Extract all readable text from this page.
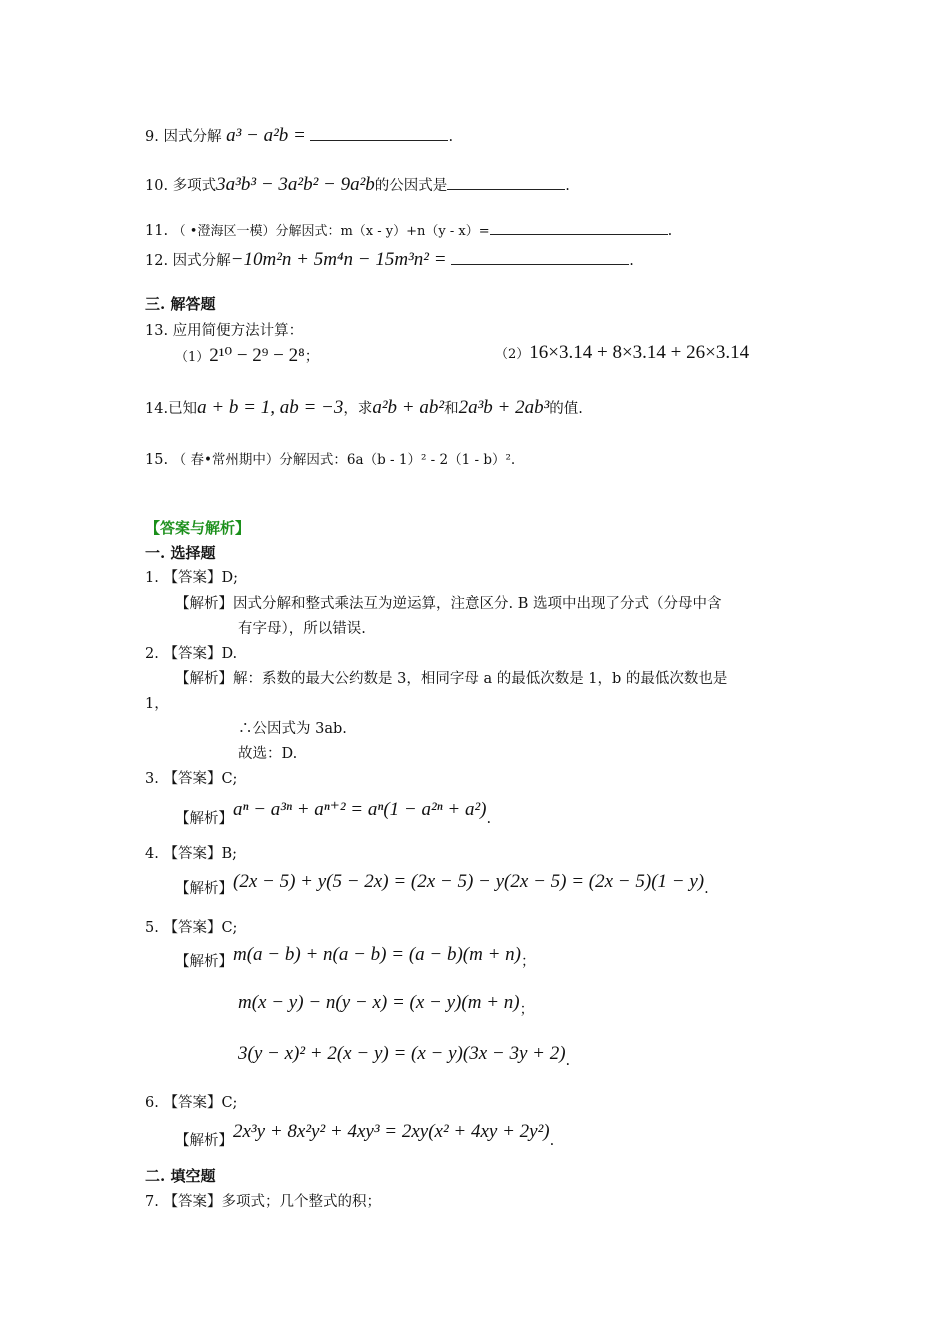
9. 因式分解 a³ − a²b =	.
10. 多项式3a³b³ − 3a²b² − 9a²b的公因式是	.
11. （ •澄海区一模）分解因式：m（x - y）+n（y - x）=	.
12. 因式分解−10m²n + 5m⁴n − 15m³n² =	.
三. 解答题
13. 应用简便方法计算：
（1）2¹⁰ − 2⁹ − 2⁸；	（2）16×3.14 + 8×3.14 + 26×3.14
14.已知a + b = 1, ab = −3，求a²b + ab²和2a³b + 2ab³的值.
15. （ 春•常州期中）分解因式：6a（b - 1）² - 2（1 - b）².
【答案与解析】
一. 选择题
1. 【答案】D;
【解析】因式分解和整式乘法互为逆运算，注意区分. B 选项中出现了分式（分母中含
有字母），所以错误.
2. 【答案】D.
【解析】解：系数的最大公约数是 3，相同字母 a 的最低次数是 1，b 的最低次数也是
1，
∴公因式为 3ab.
故选：D.
3. 【答案】C;
【解析】aⁿ − a³ⁿ + aⁿ⁺² = aⁿ(1 − a²ⁿ + a²).
4. 【答案】B;
【解析】(2x − 5) + y(5 − 2x) = (2x − 5) − y(2x − 5) = (2x − 5)(1 − y).
5. 【答案】C;
【解析】m(a − b) + n(a − b) = (a − b)(m + n)；
m(x − y) − n(y − x) = (x − y)(m + n)；
3(y − x)² + 2(x − y) = (x − y)(3x − 3y + 2).
6. 【答案】C;
【解析】2x³y + 8x²y² + 4xy³ = 2xy(x² + 4xy + 2y²).
二. 填空题
7. 【答案】多项式；几个整式的积；
